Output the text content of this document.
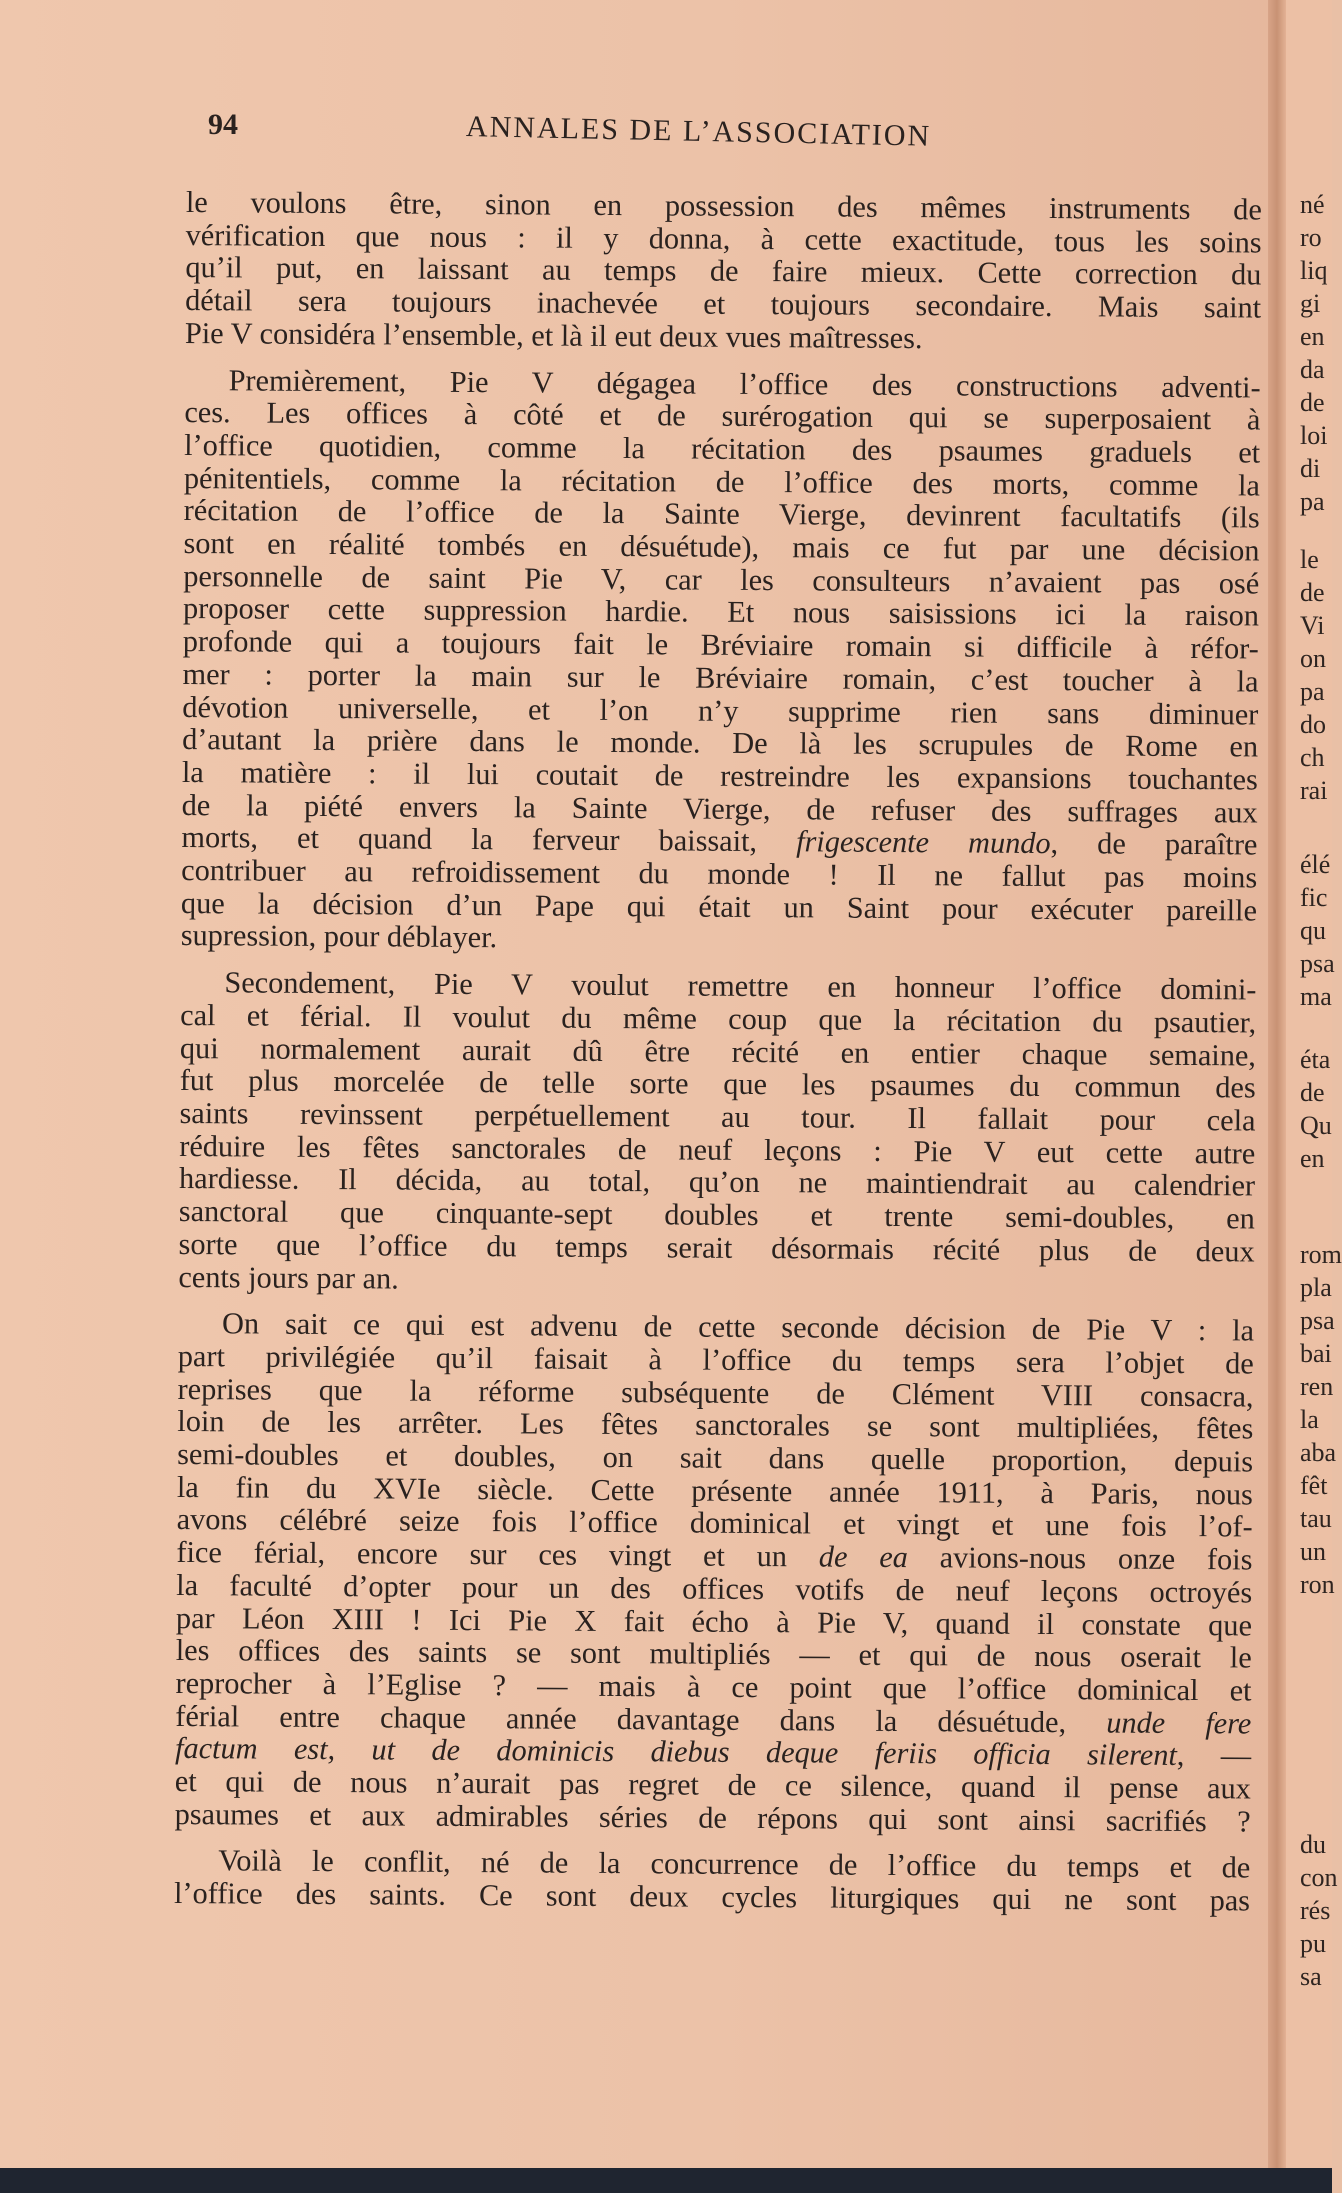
94	ANNALES DE L’ASSOCIATION
le voulons être, sinon en possession des mêmes instruments de
vérification que nous : il y donna, à cette exactitude, tous les soins
qu’il put, en laissant au temps de faire mieux. Cette correction du
détail sera toujours inachevée et toujours secondaire. Mais saint
Pie V considéra l’ensemble, et là il eut deux vues maîtresses.
Premièrement, Pie V dégagea l’office des constructions adventi-
ces. Les offices à côté et de surérogation qui se superposaient à
l’office quotidien, comme la récitation des psaumes graduels et
pénitentiels, comme la récitation de l’office des morts, comme la
récitation de l’office de la Sainte Vierge, devinrent facultatifs (ils
sont en réalité tombés en désuétude), mais ce fut par une décision
personnelle de saint Pie V, car les consulteurs n’avaient pas osé
proposer cette suppression hardie. Et nous saisissions ici la raison
profonde qui a toujours fait le Bréviaire romain si difficile à réfor-
mer : porter la main sur le Bréviaire romain, c’est toucher à la
dévotion universelle, et l’on n’y supprime rien sans diminuer
d’autant la prière dans le monde. De là les scrupules de Rome en
la matière : il lui coutait de restreindre les expansions touchantes
de la piété envers la Sainte Vierge, de refuser des suffrages aux
morts, et quand la ferveur baissait, frigescente mundo, de paraître
contribuer au refroidissement du monde ! Il ne fallut pas moins
que la décision d’un Pape qui était un Saint pour exécuter pareille
supression, pour déblayer.
Secondement, Pie V voulut remettre en honneur l’office domini-
cal et férial. Il voulut du même coup que la récitation du psautier,
qui normalement aurait dû être récité en entier chaque semaine,
fut plus morcelée de telle sorte que les psaumes du commun des
saints revinssent perpétuellement au tour. Il fallait pour cela
réduire les fêtes sanctorales de neuf leçons : Pie V eut cette autre
hardiesse. Il décida, au total, qu’on ne maintiendrait au calendrier
sanctoral que cinquante-sept doubles et trente semi-doubles, en
sorte que l’office du temps serait désormais récité plus de deux
cents jours par an.
On sait ce qui est advenu de cette seconde décision de Pie V : la
part privilégiée qu’il faisait à l’office du temps sera l’objet de
reprises que la réforme subséquente de Clément VIII consacra,
loin de les arrêter. Les fêtes sanctorales se sont multipliées, fêtes
semi-doubles et doubles, on sait dans quelle proportion, depuis
la fin du XVIe siècle. Cette présente année 1911, à Paris, nous
avons célébré seize fois l’office dominical et vingt et une fois l’of-
fice férial, encore sur ces vingt et un de ea avions-nous onze fois
la faculté d’opter pour un des offices votifs de neuf leçons octroyés
par Léon XIII ! Ici Pie X fait écho à Pie V, quand il constate que
les offices des saints se sont multipliés — et qui de nous oserait le
reprocher à l’Eglise ? — mais à ce point que l’office dominical et
férial entre chaque année davantage dans la désuétude, unde fere
factum est, ut de dominicis diebus deque feriis officia silerent, —
et qui de nous n’aurait pas regret de ce silence, quand il pense aux
psaumes et aux admirables séries de répons qui sont ainsi sacrifiés ?
Voilà le conflit, né de la concurrence de l’office du temps et de
l’office des saints. Ce sont deux cycles liturgiques qui ne sont pas
né
ro
liq
gi
en
da
de
loi
di
pa
le
de
Vi
on
pa
do
ch
rai
élé
fic
qu
psa
ma
éta
de
Qu
en
rom
pla
psa
bai
ren
la
aba
fêt
tau
un
ron
du
con
rés
pu
sa
